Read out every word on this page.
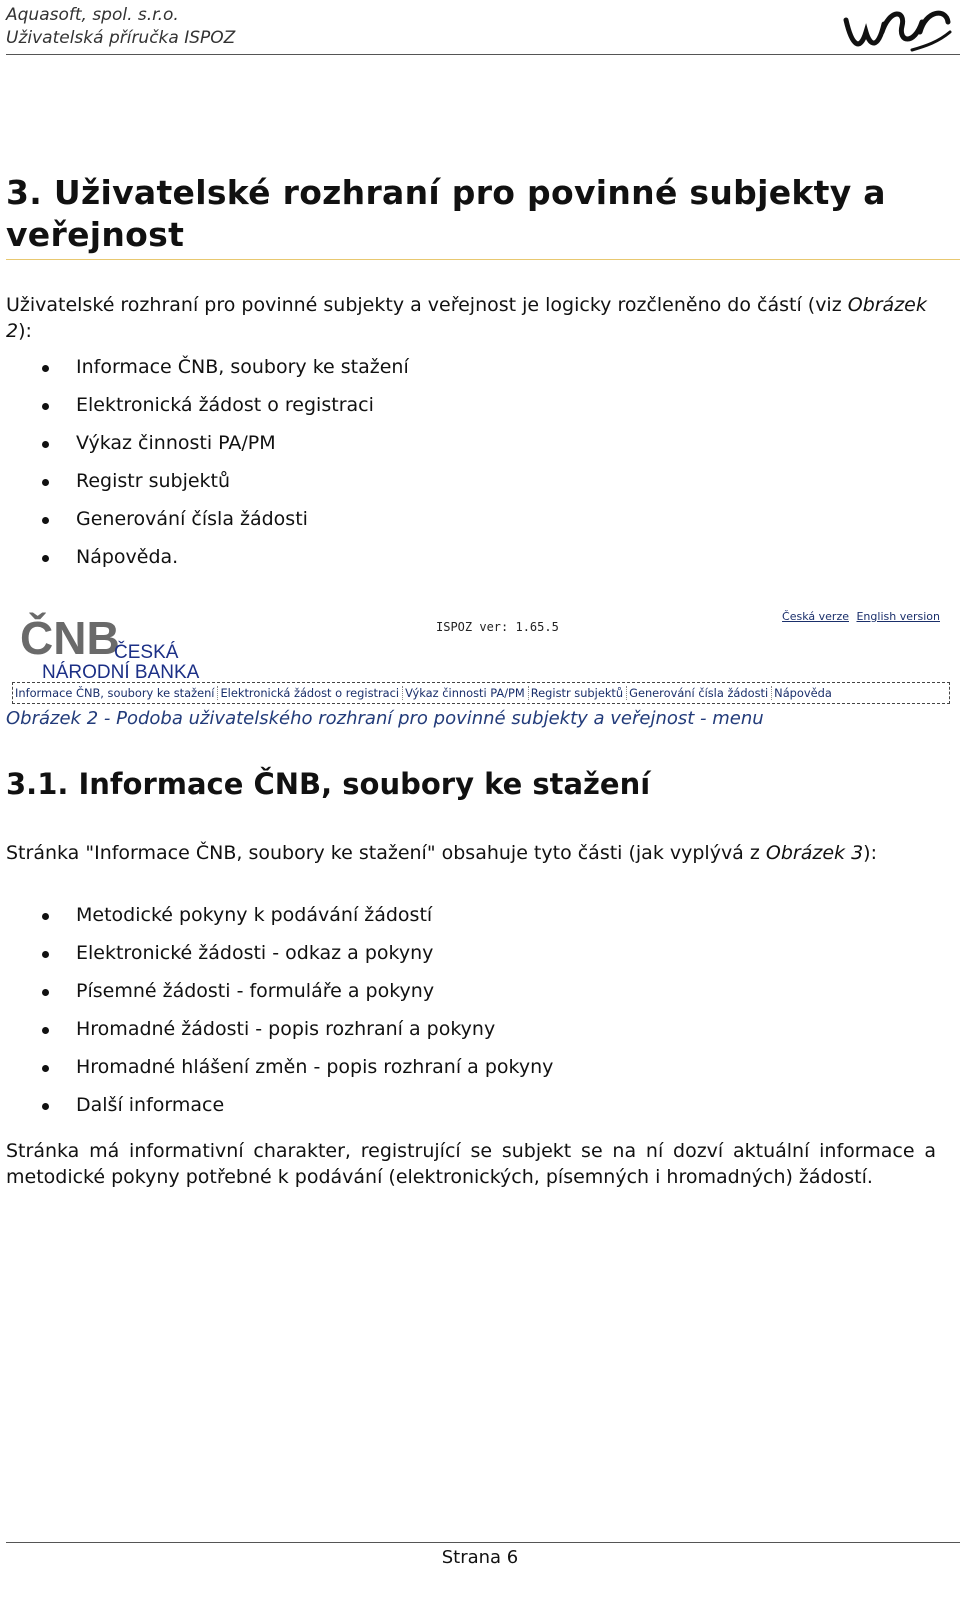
Aquasoft, spol. s.r.o.
Uživatelská příručka ISPOZ
3. Uživatelské rozhraní pro povinné subjekty a veřejnost
Uživatelské rozhraní pro povinné subjekty a veřejnost je logicky rozčleněno do částí (viz Obrázek 2):
Informace ČNB, soubory ke stažení
Elektronická žádost o registraci
Výkaz činnosti PA/PM
Registr subjektů
Generování čísla žádosti
Nápověda.
ČNB
ČESKÁ
NÁRODNÍ BANKA
ISPOZ ver: 1.65.5
Česká verze English version
Informace ČNB, soubory ke stažení Elektronická žádost o registraci Výkaz činnosti PA/PM Registr subjektů Generování čísla žádosti Nápověda
Obrázek 2 - Podoba uživatelského rozhraní pro povinné subjekty a veřejnost - menu
3.1. Informace ČNB, soubory ke stažení
Stránka "Informace ČNB, soubory ke stažení" obsahuje tyto části (jak vyplývá z Obrázek 3):
Metodické pokyny k podávání žádostí
Elektronické žádosti - odkaz a pokyny
Písemné žádosti - formuláře a pokyny
Hromadné žádosti - popis rozhraní a pokyny
Hromadné hlášení změn - popis rozhraní a pokyny
Další informace
Stránka má informativní charakter, registrující se subjekt se na ní dozví aktuální informace a metodické pokyny potřebné k podávání (elektronických, písemných i hromadných) žádostí.
Strana 6
